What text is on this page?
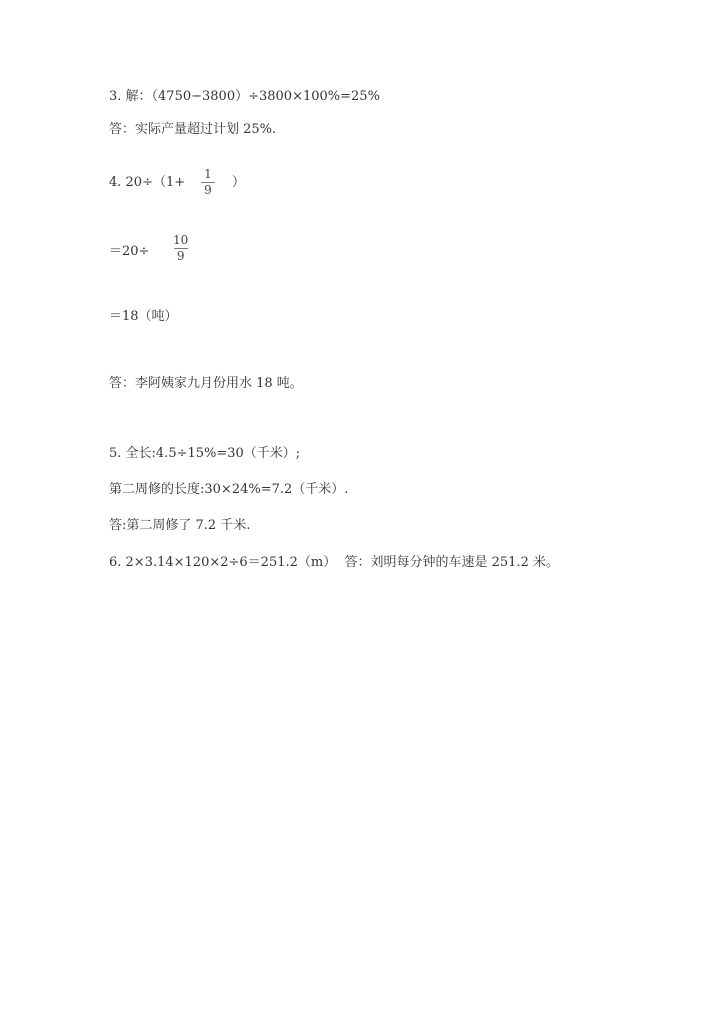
3. 解：（4750−3800）÷3800×100%=25%
答：实际产量超过计划 25%.
4. 20÷（1+
1
9 ）
＝20÷
10
9
＝18（吨）
答：李阿姨家九月份用水 18 吨。
5. 全长:4.5÷15%=30（千米）;
第二周修的长度:30×24%=7.2（千米）.
答:第二周修了 7.2 千米.
6. 2×3.14×120×2÷6＝251.2（m）  答：刘明每分钟的车速是 251.2 米。
